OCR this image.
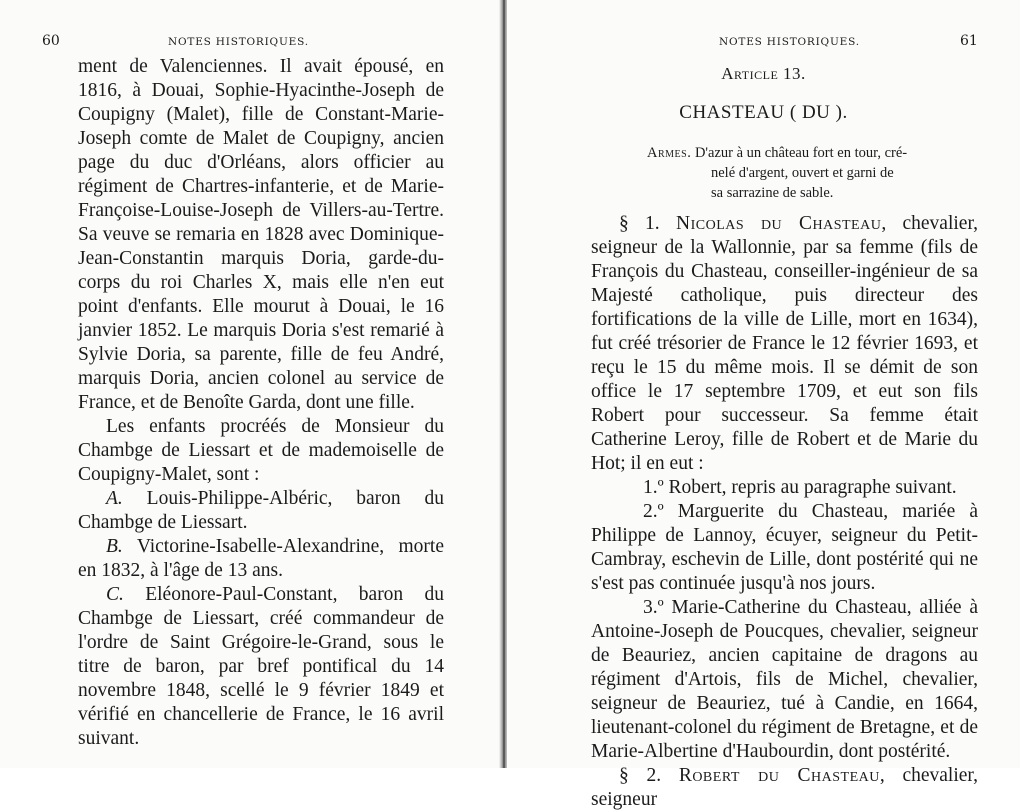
60	NOTES HISTORIQUES.

ment de Valenciennes. Il avait épousé, en 1816, à Douai, Sophie-Hyacinthe-Joseph de Coupigny (Malet), fille de Constant-Marie-Joseph comte de Malet de Coupigny, ancien page du duc d'Orléans, alors officier au régiment de Chartres-infanterie, et de Marie-Françoise-Louise-Joseph de Villers-au-Tertre. Sa veuve se remaria en 1828 avec Dominique-Jean-Constantin marquis Doria, garde-du-corps du roi Charles X, mais elle n'en eut point d'enfants. Elle mourut à Douai, le 16 janvier 1852. Le marquis Doria s'est remarié à Sylvie Doria, sa parente, fille de feu André, marquis Doria, ancien colonel au service de France, et de Benoîte Garda, dont une fille.

Les enfants procréés de Monsieur du Chambge de Liessart et de mademoiselle de Coupigny-Malet, sont :

A. Louis-Philippe-Albéric, baron du Chambge de Liessart.

B. Victorine-Isabelle-Alexandrine, morte en 1832, à l'âge de 13 ans.

C. Eléonore-Paul-Constant, baron du Chambge de Liessart, créé commandeur de l'ordre de Saint Grégoire-le-Grand, sous le titre de baron, par bref pontifical du 14 novembre 1848, scellé le 9 février 1849 et vérifié en chancellerie de France, le 16 avril suivant.

NOTES HISTORIQUES.	61
Article 13.
CHASTEAU ( DU ).
Armes. D'azur à un château fort en tour, cré-
nelé d'argent, ouvert et garni de
sa sarrazine de sable.

§ 1. Nicolas du Chasteau, chevalier, seigneur de la Wallonnie, par sa femme (fils de François du Chasteau, conseiller-ingénieur de sa Majesté catholique, puis directeur des fortifications de la ville de Lille, mort en 1634), fut créé trésorier de France le 12 février 1693, et reçu le 15 du même mois. Il se démit de son office le 17 septembre 1709, et eut son fils Robert pour successeur. Sa femme était Catherine Leroy, fille de Robert et de Marie du Hot; il en eut :

1.º Robert, repris au paragraphe suivant.

2.º Marguerite du Chasteau, mariée à Philippe de Lannoy, écuyer, seigneur du Petit-Cambray, eschevin de Lille, dont postérité qui ne s'est pas continuée jusqu'à nos jours.

3.º Marie-Catherine du Chasteau, alliée à Antoine-Joseph de Poucques, chevalier, seigneur de Beauriez, ancien capitaine de dragons au régiment d'Artois, fils de Michel, chevalier, seigneur de Beauriez, tué à Candie, en 1664, lieutenant-colonel du régiment de Bretagne, et de Marie-Albertine d'Haubourdin, dont postérité.

§ 2. Robert du Chasteau, chevalier, seigneur
